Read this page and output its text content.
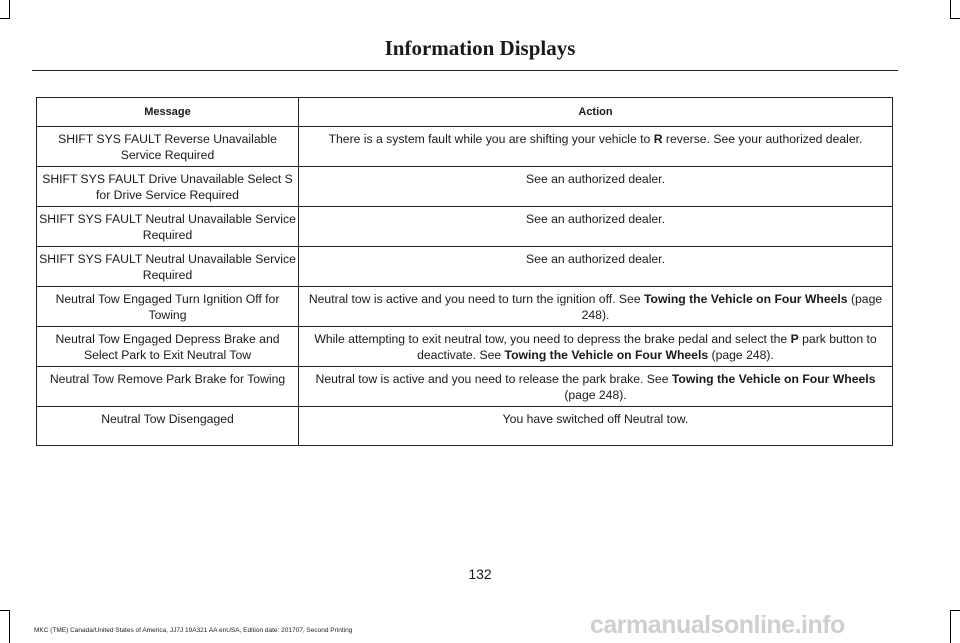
Information Displays
Message	Action
SHIFT SYS FAULT Reverse Unavailable Service Required	There is a system fault while you are shifting your vehicle to R reverse. See your authorized dealer.
SHIFT SYS FAULT Drive Unavailable Select S for Drive Service Required	See an authorized dealer.
SHIFT SYS FAULT Neutral Unavailable Service Required	See an authorized dealer.
SHIFT SYS FAULT Neutral Unavailable Service Required	See an authorized dealer.
Neutral Tow Engaged Turn Ignition Off for Towing	Neutral tow is active and you need to turn the ignition off. See Towing the Vehicle on Four Wheels (page 248).
Neutral Tow Engaged Depress Brake and Select Park to Exit Neutral Tow	While attempting to exit neutral tow, you need to depress the brake pedal and select the P park button to deactivate. See Towing the Vehicle on Four Wheels (page 248).
Neutral Tow Remove Park Brake for Towing	Neutral tow is active and you need to release the park brake. See Towing the Vehicle on Four Wheels (page 248).
Neutral Tow Disengaged	You have switched off Neutral tow.
132
MKC (TME) Canada/United States of America, JJ7J 19A321 AA enUSA, Edition date: 201707, Second Printing	carmanualsonline.info
